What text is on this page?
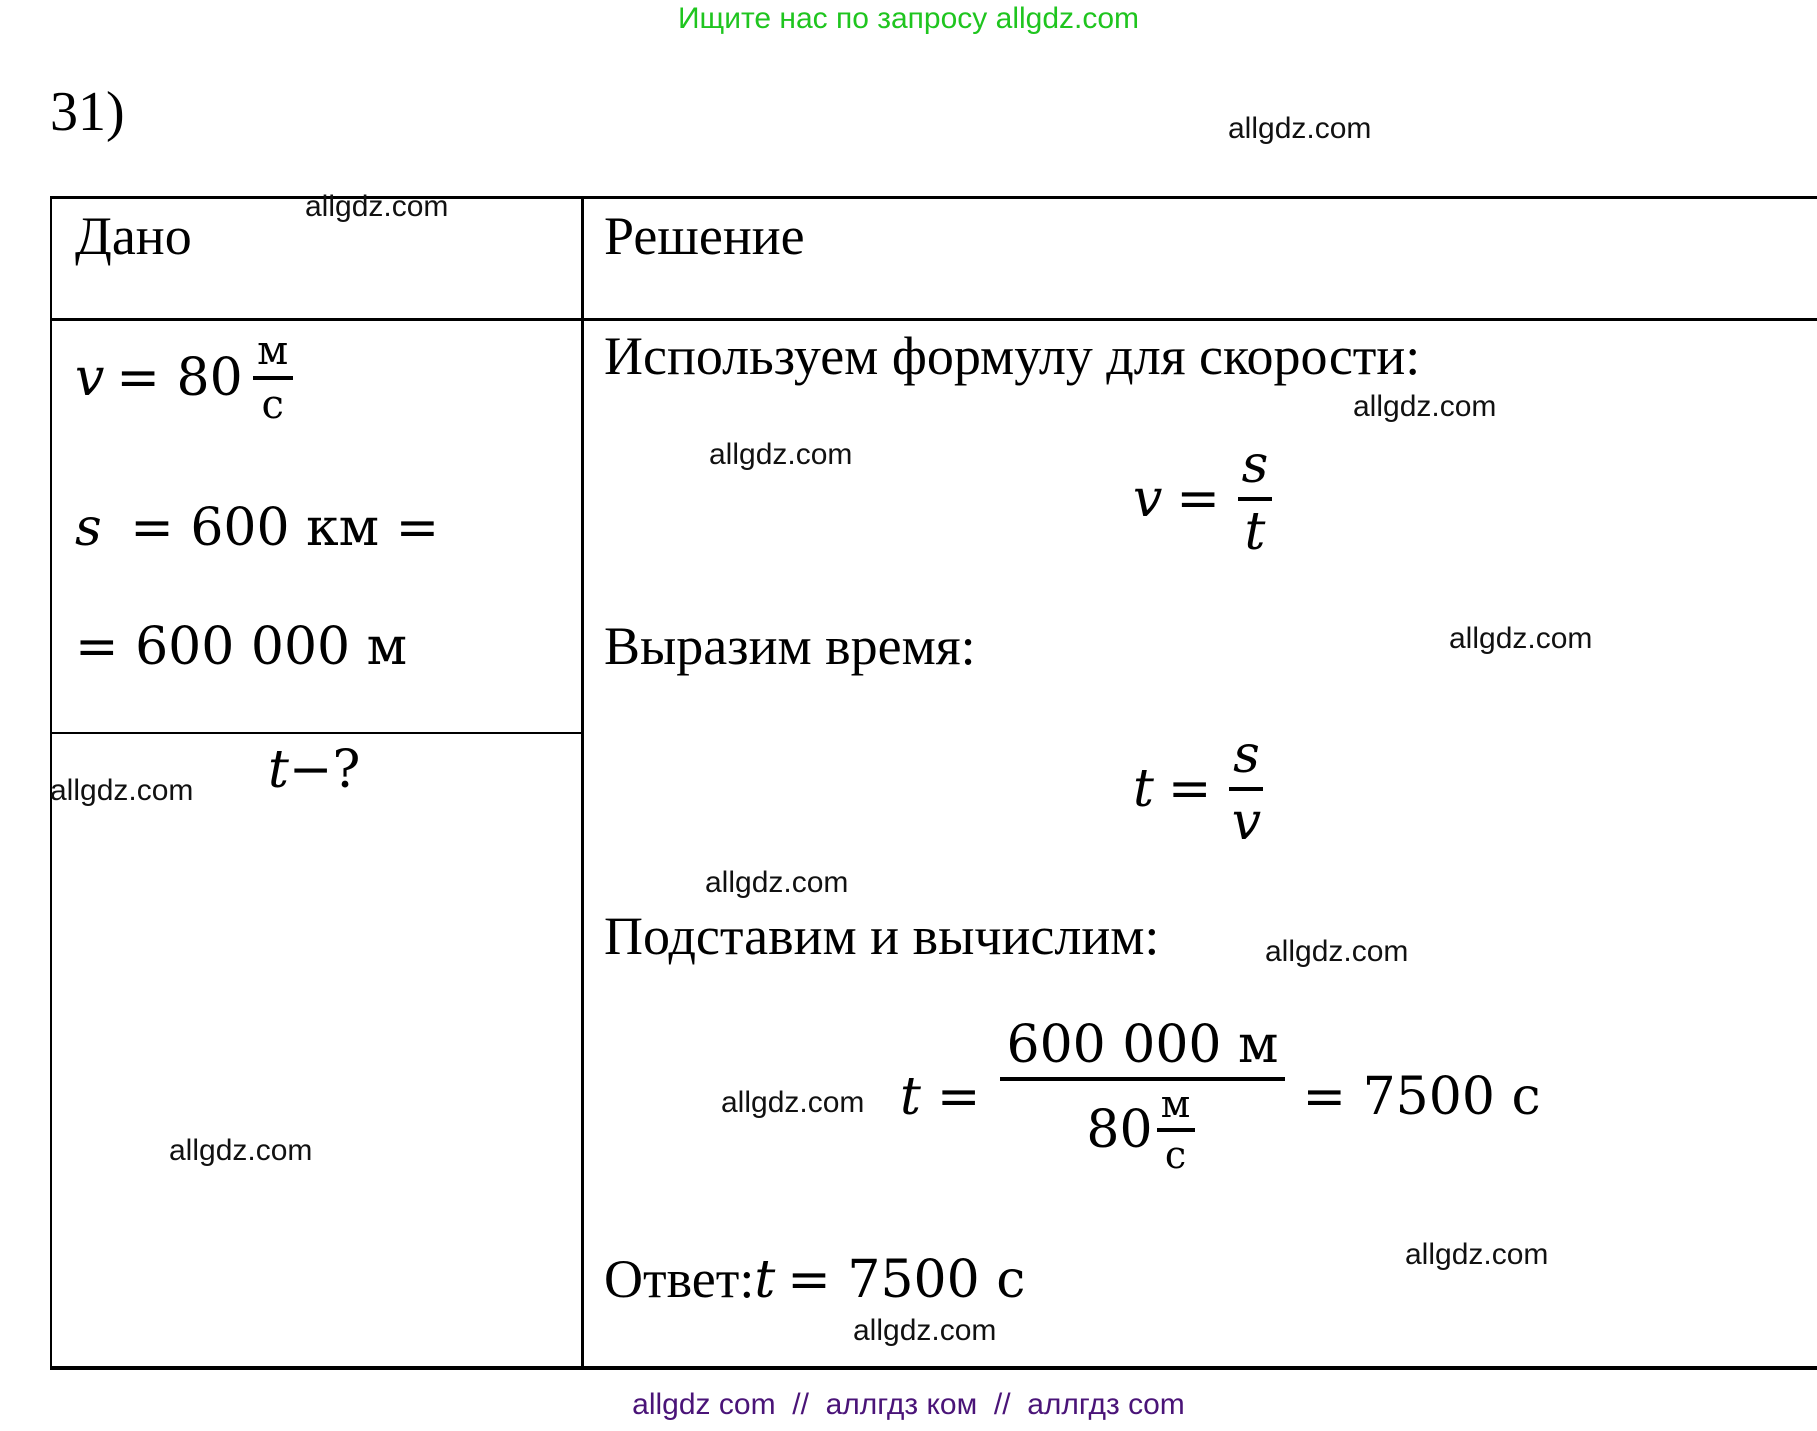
Ищите нас по запросу allgdz.com
31)
Дано	Решение
$v = 80 \frac{м}{с}$
s = 600 км =
= 600 000 м
t−?
Используем формулу для скорости:
$v = \frac{s}{t}$
Выразим время:
$t = \frac{s}{v}$
Подставим и вычислим:
$t = \frac{600 000 м}{80 \frac{м}{с}} = 7500$ с
Ответ:t = 7500 с
allgdz.com
allgdz.com
allgdz.com
allgdz.com
allgdz.com
allgdz.com
allgdz.com
allgdz.com
allgdz.com
allgdz.com
allgdz.com
allgdz.com
allgdz com  //  аллгдз ком  //  аллгдз com
